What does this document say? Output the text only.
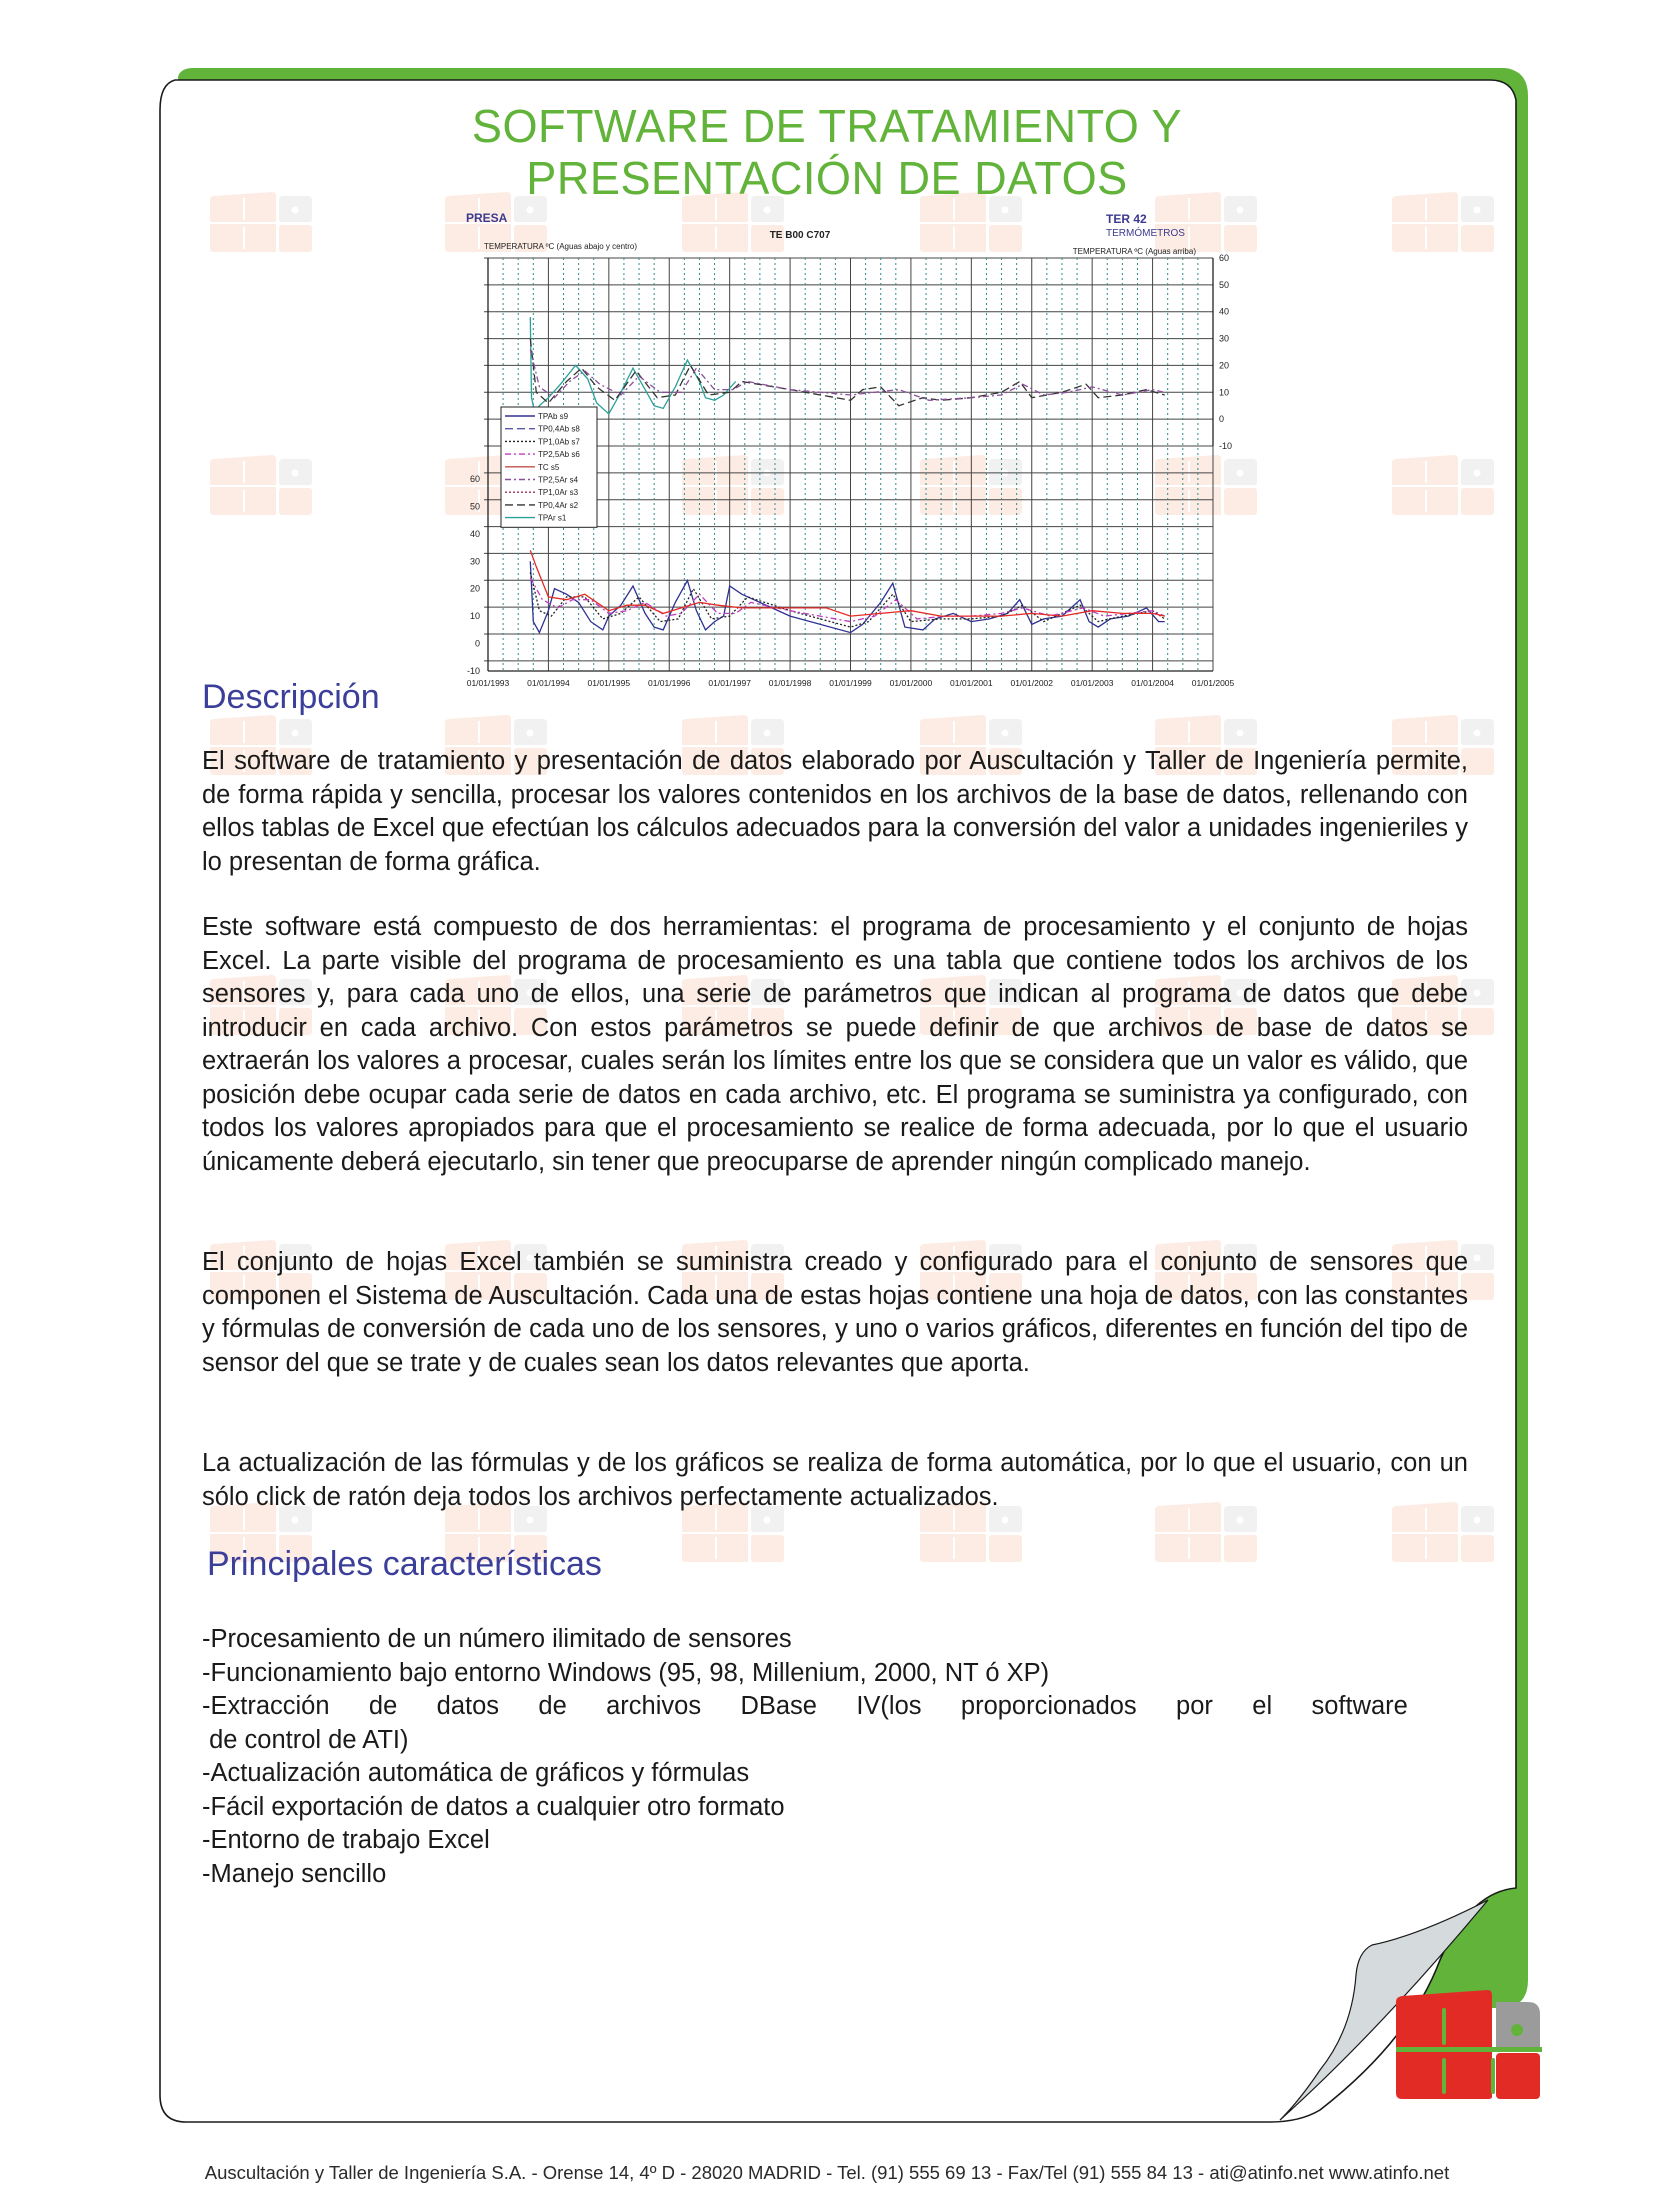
SOFTWARE DE TRATAMIENTO Y
PRESENTACIÓN DE DATOS
PRESA
TE B00 C707
TER 42
TERMÓMETROS
TEMPERATURA ºC (Aguas abajo y centro)
TEMPERATURA ºC (Aguas arriba)
60
50
40
30
20
10
0
-10
60
50
40
30
20
10
0
-10
01/01/1993 01/01/1994 01/01/1995 01/01/1996 01/01/1997 01/01/1998 01/01/1999 01/01/2000 01/01/2001 01/01/2002 01/01/2003 01/01/2004 01/01/2005
TPAb s9
TP0,4Ab s8
TP1,0Ab s7
TP2,5Ab s6
TC s5
TP2,5Ar s4
TP1,0Ar s3
TP0,4Ar s2
TPAr s1
Descripción
El software de tratamiento y presentación de datos elaborado por Auscultación y Taller de Ingeniería permite, de forma rápida y sencilla, procesar los valores contenidos en los archivos de la base de datos, rellenando con ellos tablas de Excel que efectúan los cálculos adecuados para la conversión del valor a unidades ingenieriles y lo presentan de forma gráfica.
Este software está compuesto de dos herramientas: el programa de procesamiento y el conjunto de hojas Excel. La parte visible del programa de procesamiento es una tabla que contiene todos los archivos de los sensores y, para cada uno de ellos, una serie de parámetros que indican al programa de datos que debe introducir en cada archivo. Con estos parámetros se puede definir de que archivos de base de datos se extraerán los valores a procesar, cuales serán los límites entre los que se considera que un valor es válido, que posición debe ocupar cada serie de datos en cada archivo, etc. El programa se suministra ya configurado, con todos los valores apropiados para que el procesamiento se realice de forma adecuada, por lo que el usuario únicamente deberá ejecutarlo, sin tener que preocuparse de aprender ningún complicado manejo.
El conjunto de hojas Excel también se suministra creado y configurado para el conjunto de sensores que componen el Sistema de Auscultación. Cada una de estas hojas contiene una hoja de datos, con las constantes y fórmulas de conversión de cada uno de los sensores, y uno o varios gráficos, diferentes en función del tipo de sensor del que se trate y de cuales sean los datos relevantes que aporta.
La actualización de las fórmulas y de los gráficos se realiza de forma automática, por lo que el usuario, con un sólo click de ratón deja todos los archivos perfectamente actualizados.
Principales características
-Procesamiento de un número ilimitado de sensores
-Funcionamiento bajo entorno Windows (95, 98, Millenium, 2000, NT ó XP)
-Extracción de datos de archivos DBase IV(los proporcionados por el software
de control de ATI)
-Actualización automática de gráficos y fórmulas
-Fácil exportación de datos a cualquier otro formato
-Entorno de trabajo Excel
-Manejo sencillo
Auscultación y Taller de Ingeniería S.A. - Orense 14, 4º D - 28020 MADRID - Tel. (91) 555 69 13 - Fax/Tel (91) 555 84 13 - ati@atinfo.net www.atinfo.net
